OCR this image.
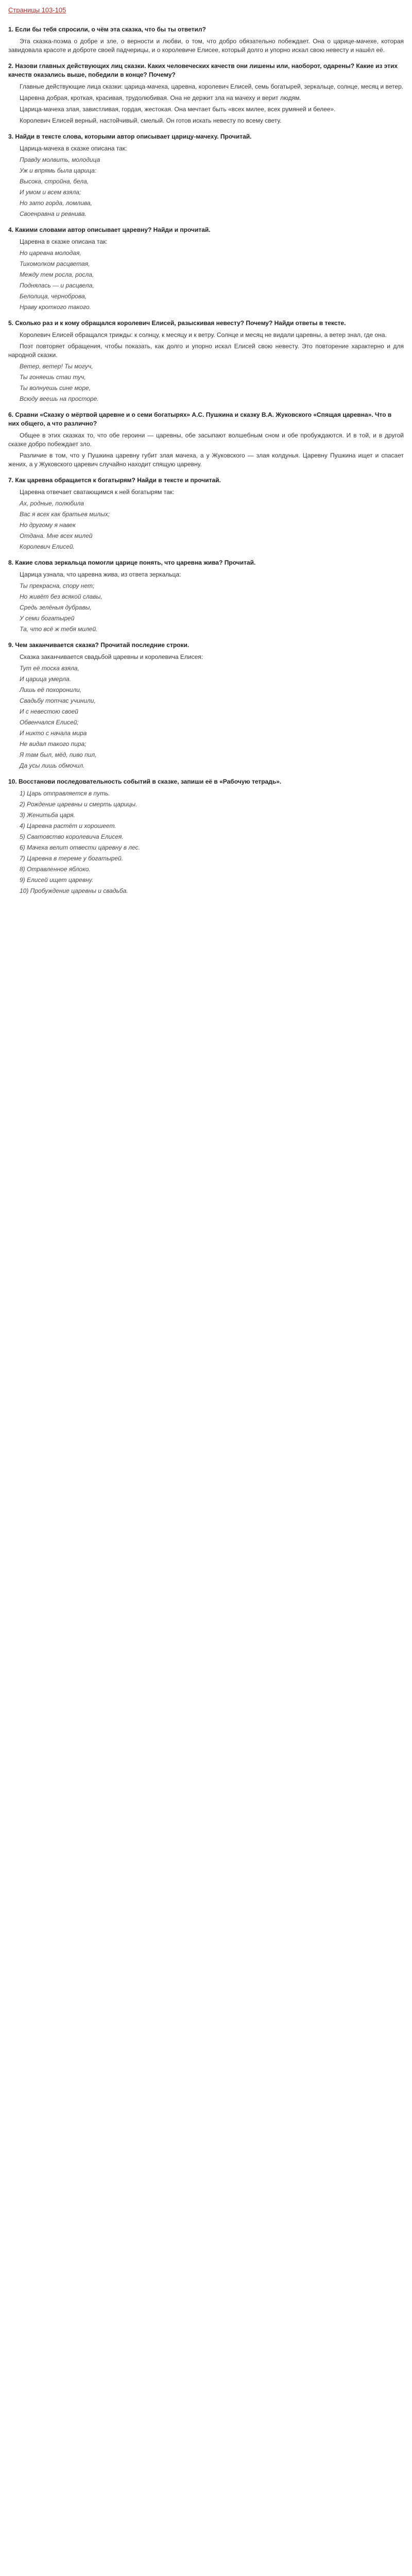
Страницы 103-105

1. Если бы тебя спросили, о чём эта сказка, что бы ты ответил?

Эта сказка-поэма о добре и зле, о верности и любви, о том, что добро обязательно побеждает. Она о царице-мачехе, которая завидовала красоте и доброте своей падчерицы, и о королевиче Елисее, который долго и упорно искал свою невесту и нашёл её.

2. Назови главных действующих лиц сказки. Каких человеческих качеств они лишены или, наоборот, одарены? Какие из этих качеств оказались выше, победили в конце? Почему?

Главные действующие лица сказки: царица-мачеха, царевна, королевич Елисей, семь богатырей, зеркальце, солнце, месяц и ветер.

Царевна добрая, кроткая, красивая, трудолюбивая. Она не держит зла на мачеху и верит людям.

Царица-мачеха злая, завистливая, гордая, жестокая. Она мечтает быть «всех милее, всех румяней и белее».

Королевич Елисей верный, настойчивый, смелый. Он готов искать невесту по всему свету.

3. Найди в тексте слова, которыми автор описывает царицу-мачеху. Прочитай.

Царица-мачеха в сказке описана так:

Правду молвить, молодица

Уж и впрямь была царица:

Высока, стройна, бела,

И умом и всем взяла;

Но зато горда, ломлива,

Своенравна и ревнива.

4. Какими словами автор описывает царевну? Найди и прочитай.

Царевна в сказке описана так:

Но царевна молодая,

Тихомолком расцветая,

Между тем росла, росла,

Поднялась — и расцвела,

Белолица, черноброва,

Нраву кроткого такого.

5. Сколько раз и к кому обращался королевич Елисей, разыскивая невесту? Почему? Найди ответы в тексте.

Королевич Елисей обращался трижды: к солнцу, к месяцу и к ветру. Солнце и месяц не видали царевны, а ветер знал, где она.

Поэт повторяет обращения, чтобы показать, как долго и упорно искал Елисей свою невесту. Это повторение характерно и для народной сказки.

Ветер, ветер! Ты могуч,

Ты гоняешь стаи туч,

Ты волнуешь сине море,

Всюду веешь на просторе.

6. Сравни «Сказку о мёртвой царевне и о семи богатырях» А.С. Пушкина и сказку В.А. Жуковского «Спящая царевна». Что в них общего, а что различно?

Общее в этих сказках то, что обе героини — царевны, обе засыпают волшебным сном и обе пробуждаются. И в той, и в другой сказке добро побеждает зло.

Различие в том, что у Пушкина царевну губит злая мачеха, а у Жуковского — злая колдунья. Царевну Пушкина ищет и спасает жених, а у Жуковского царевич случайно находит спящую царевну.

7. Как царевна обращается к богатырям? Найди в тексте и прочитай.

Царевна отвечает сватающимся к ней богатырям так:

Ах, родные, полюбила

Вас я всех как братьев милых;

Но другому я навек

Отдана. Мне всех милей

Королевич Елисей.

8. Какие слова зеркальца помогли царице понять, что царевна жива? Прочитай.

Царица узнала, что царевна жива, из ответа зеркальца:

Ты прекрасна, спору нет;

Но живёт без всякой славы,

Средь зелёныя дубравы,

У семи богатырей

Та, что всё ж тебя милей.

9. Чем заканчивается сказка? Прочитай последние строки.

Сказка заканчивается свадьбой царевны и королевича Елисея:

Тут её тоска взяла,

И царица умерла.

Лишь её похоронили,

Свадьбу тотчас учинили,

И с невестою своей

Обвенчался Елисей;

И никто с начала мира

Не видал такого пира;

Я там был, мёд, пиво пил,

Да усы лишь обмочил.

10. Восстанови последовательность событий в сказке, запиши её в «Рабочую тетрадь».

1) Царь отправляется в путь.

2) Рождение царевны и смерть царицы.

3) Женитьба царя.

4) Царевна растёт и хорошеет.

5) Сватовство королевича Елисея.

6) Мачеха велит отвести царевну в лес.

7) Царевна в тереме у богатырей.

8) Отравленное яблоко.

9) Елисей ищет царевну.

10) Пробуждение царевны и свадьба.
